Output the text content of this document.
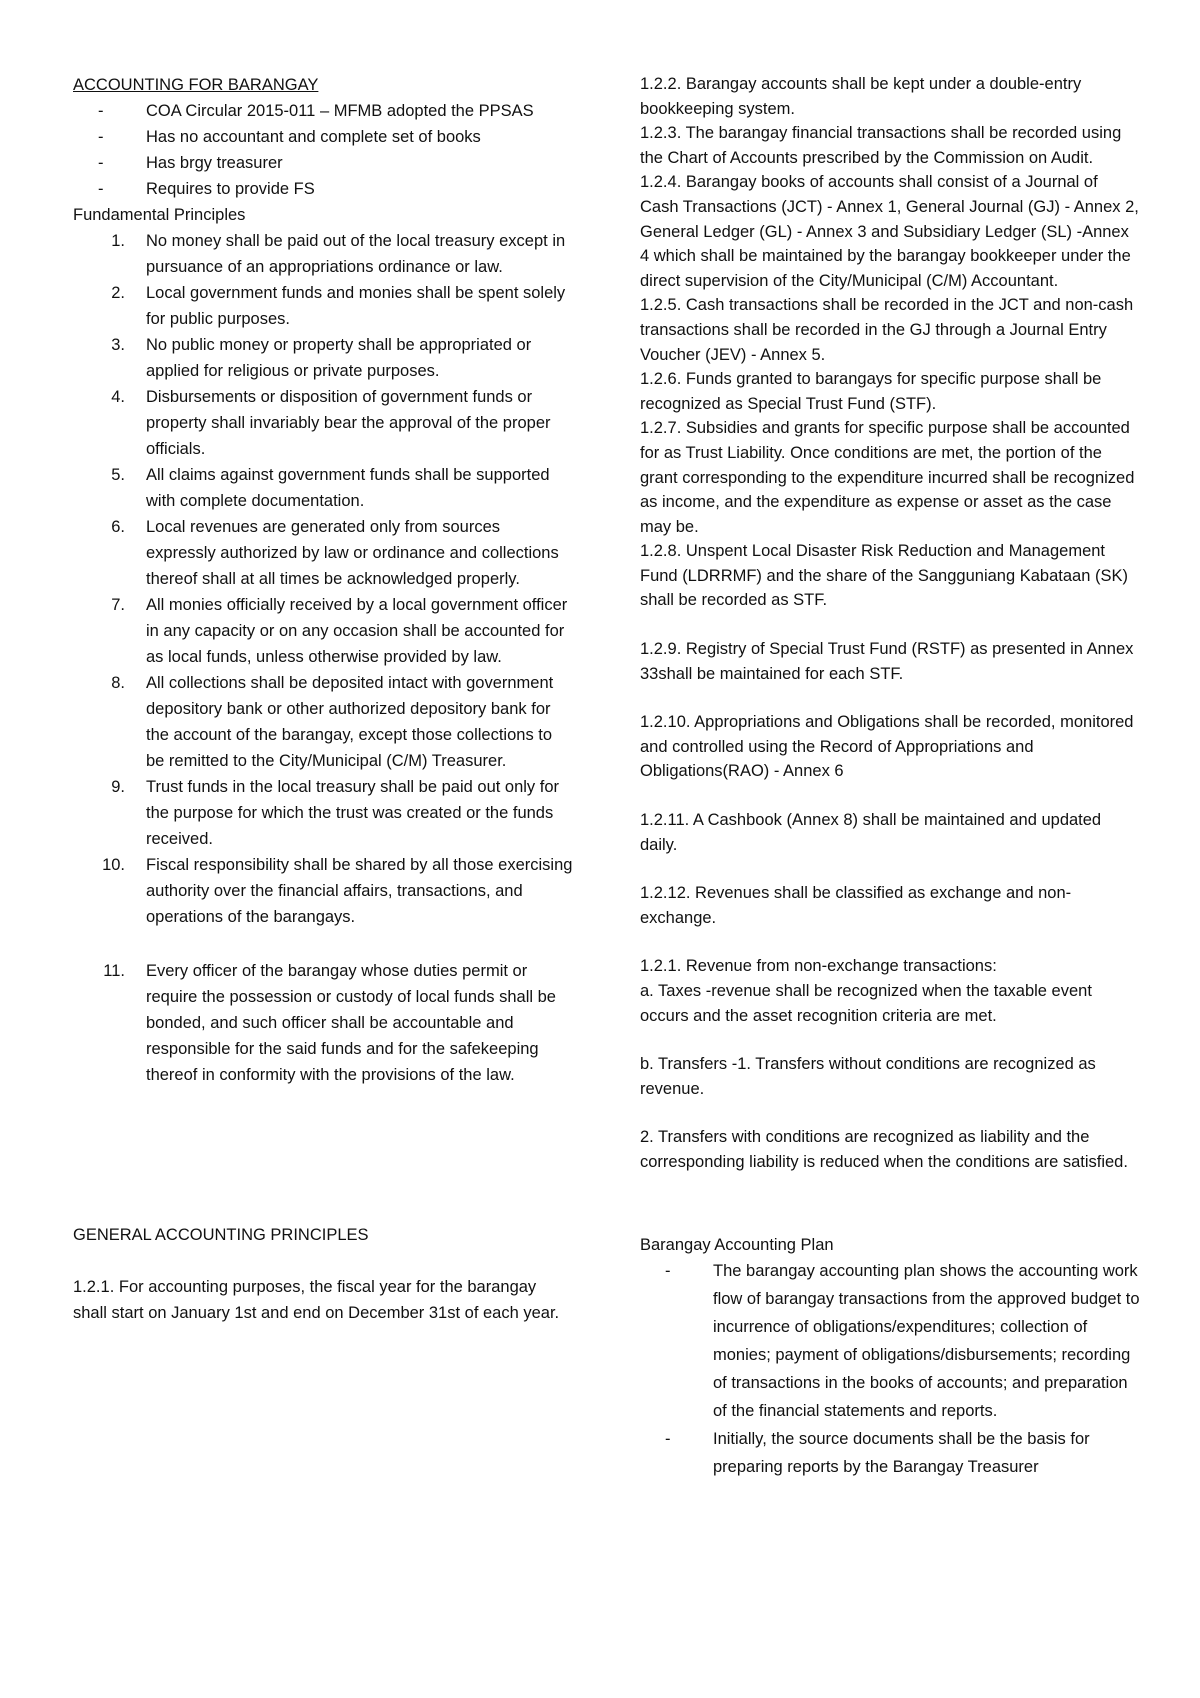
ACCOUNTING FOR BARANGAY

- COA Circular 2015-011 – MFMB adopted the PPSAS
- Has no accountant and complete set of books
- Has brgy treasurer
- Requires to provide FS

Fundamental Principles

1. No money shall be paid out of the local treasury except in pursuance of an appropriations ordinance or law.
2. Local government funds and monies shall be spent solely for public purposes.
3. No public money or property shall be appropriated or applied for religious or private purposes.
4. Disbursements or disposition of government funds or property shall invariably bear the approval of the proper officials.
5. All claims against government funds shall be supported with complete documentation.
6. Local revenues are generated only from sources expressly authorized by law or ordinance and collections thereof shall at all times be acknowledged properly.
7. All monies officially received by a local government officer in any capacity or on any occasion shall be accounted for as local funds, unless otherwise provided by law.
8. All collections shall be deposited intact with government depository bank or other authorized depository bank for the account of the barangay, except those collections to be remitted to the City/Municipal (C/M) Treasurer.
9. Trust funds in the local treasury shall be paid out only for the purpose for which the trust was created or the funds received.
10. Fiscal responsibility shall be shared by all those exercising authority over the financial affairs, transactions, and operations of the barangays.
11. Every officer of the barangay whose duties permit or require the possession or custody of local funds shall be bonded, and such officer shall be accountable and responsible for the said funds and for the safekeeping thereof in conformity with the provisions of the law.

GENERAL ACCOUNTING PRINCIPLES

1.2.1. For accounting purposes, the fiscal year for the barangay shall start on January 1st and end on December 31st of each year.

1.2.2. Barangay accounts shall be kept under a double-entry bookkeeping system.

1.2.3. The barangay financial transactions shall be recorded using the Chart of Accounts prescribed by the Commission on Audit.

1.2.4. Barangay books of accounts shall consist of a Journal of Cash Transactions (JCT) - Annex 1, General Journal (GJ) - Annex 2, General Ledger (GL) - Annex 3 and Subsidiary Ledger (SL) -Annex 4 which shall be maintained by the barangay bookkeeper under the direct supervision of the City/Municipal (C/M) Accountant.

1.2.5. Cash transactions shall be recorded in the JCT and non-cash transactions shall be recorded in the GJ through a Journal Entry Voucher (JEV) - Annex 5.

1.2.6. Funds granted to barangays for specific purpose shall be recognized as Special Trust Fund (STF).

1.2.7. Subsidies and grants for specific purpose shall be accounted for as Trust Liability. Once conditions are met, the portion of the grant corresponding to the expenditure incurred shall be recognized as income, and the expenditure as expense or asset as the case may be.

1.2.8. Unspent Local Disaster Risk Reduction and Management Fund (LDRRMF) and the share of the Sangguniang Kabataan (SK) shall be recorded as STF.

1.2.9. Registry of Special Trust Fund (RSTF) as presented in Annex 33shall be maintained for each STF.

1.2.10. Appropriations and Obligations shall be recorded, monitored and controlled using the Record of Appropriations and Obligations(RAO) - Annex 6

1.2.11. A Cashbook (Annex 8) shall be maintained and updated daily.

1.2.12. Revenues shall be classified as exchange and non-exchange.

1.2.1. Revenue from non-exchange transactions:

a. Taxes -revenue shall be recognized when the taxable event occurs and the asset recognition criteria are met.

b. Transfers -1. Transfers without conditions are recognized as revenue.

2. Transfers with conditions are recognized as liability and the corresponding liability is reduced when the conditions are satisfied.

Barangay Accounting Plan

- The barangay accounting plan shows the accounting work flow of barangay transactions from the approved budget to incurrence of obligations/expenditures; collection of monies; payment of obligations/disbursements; recording of transactions in the books of accounts; and preparation of the financial statements and reports.
- Initially, the source documents shall be the basis for preparing reports by the Barangay Treasurer
